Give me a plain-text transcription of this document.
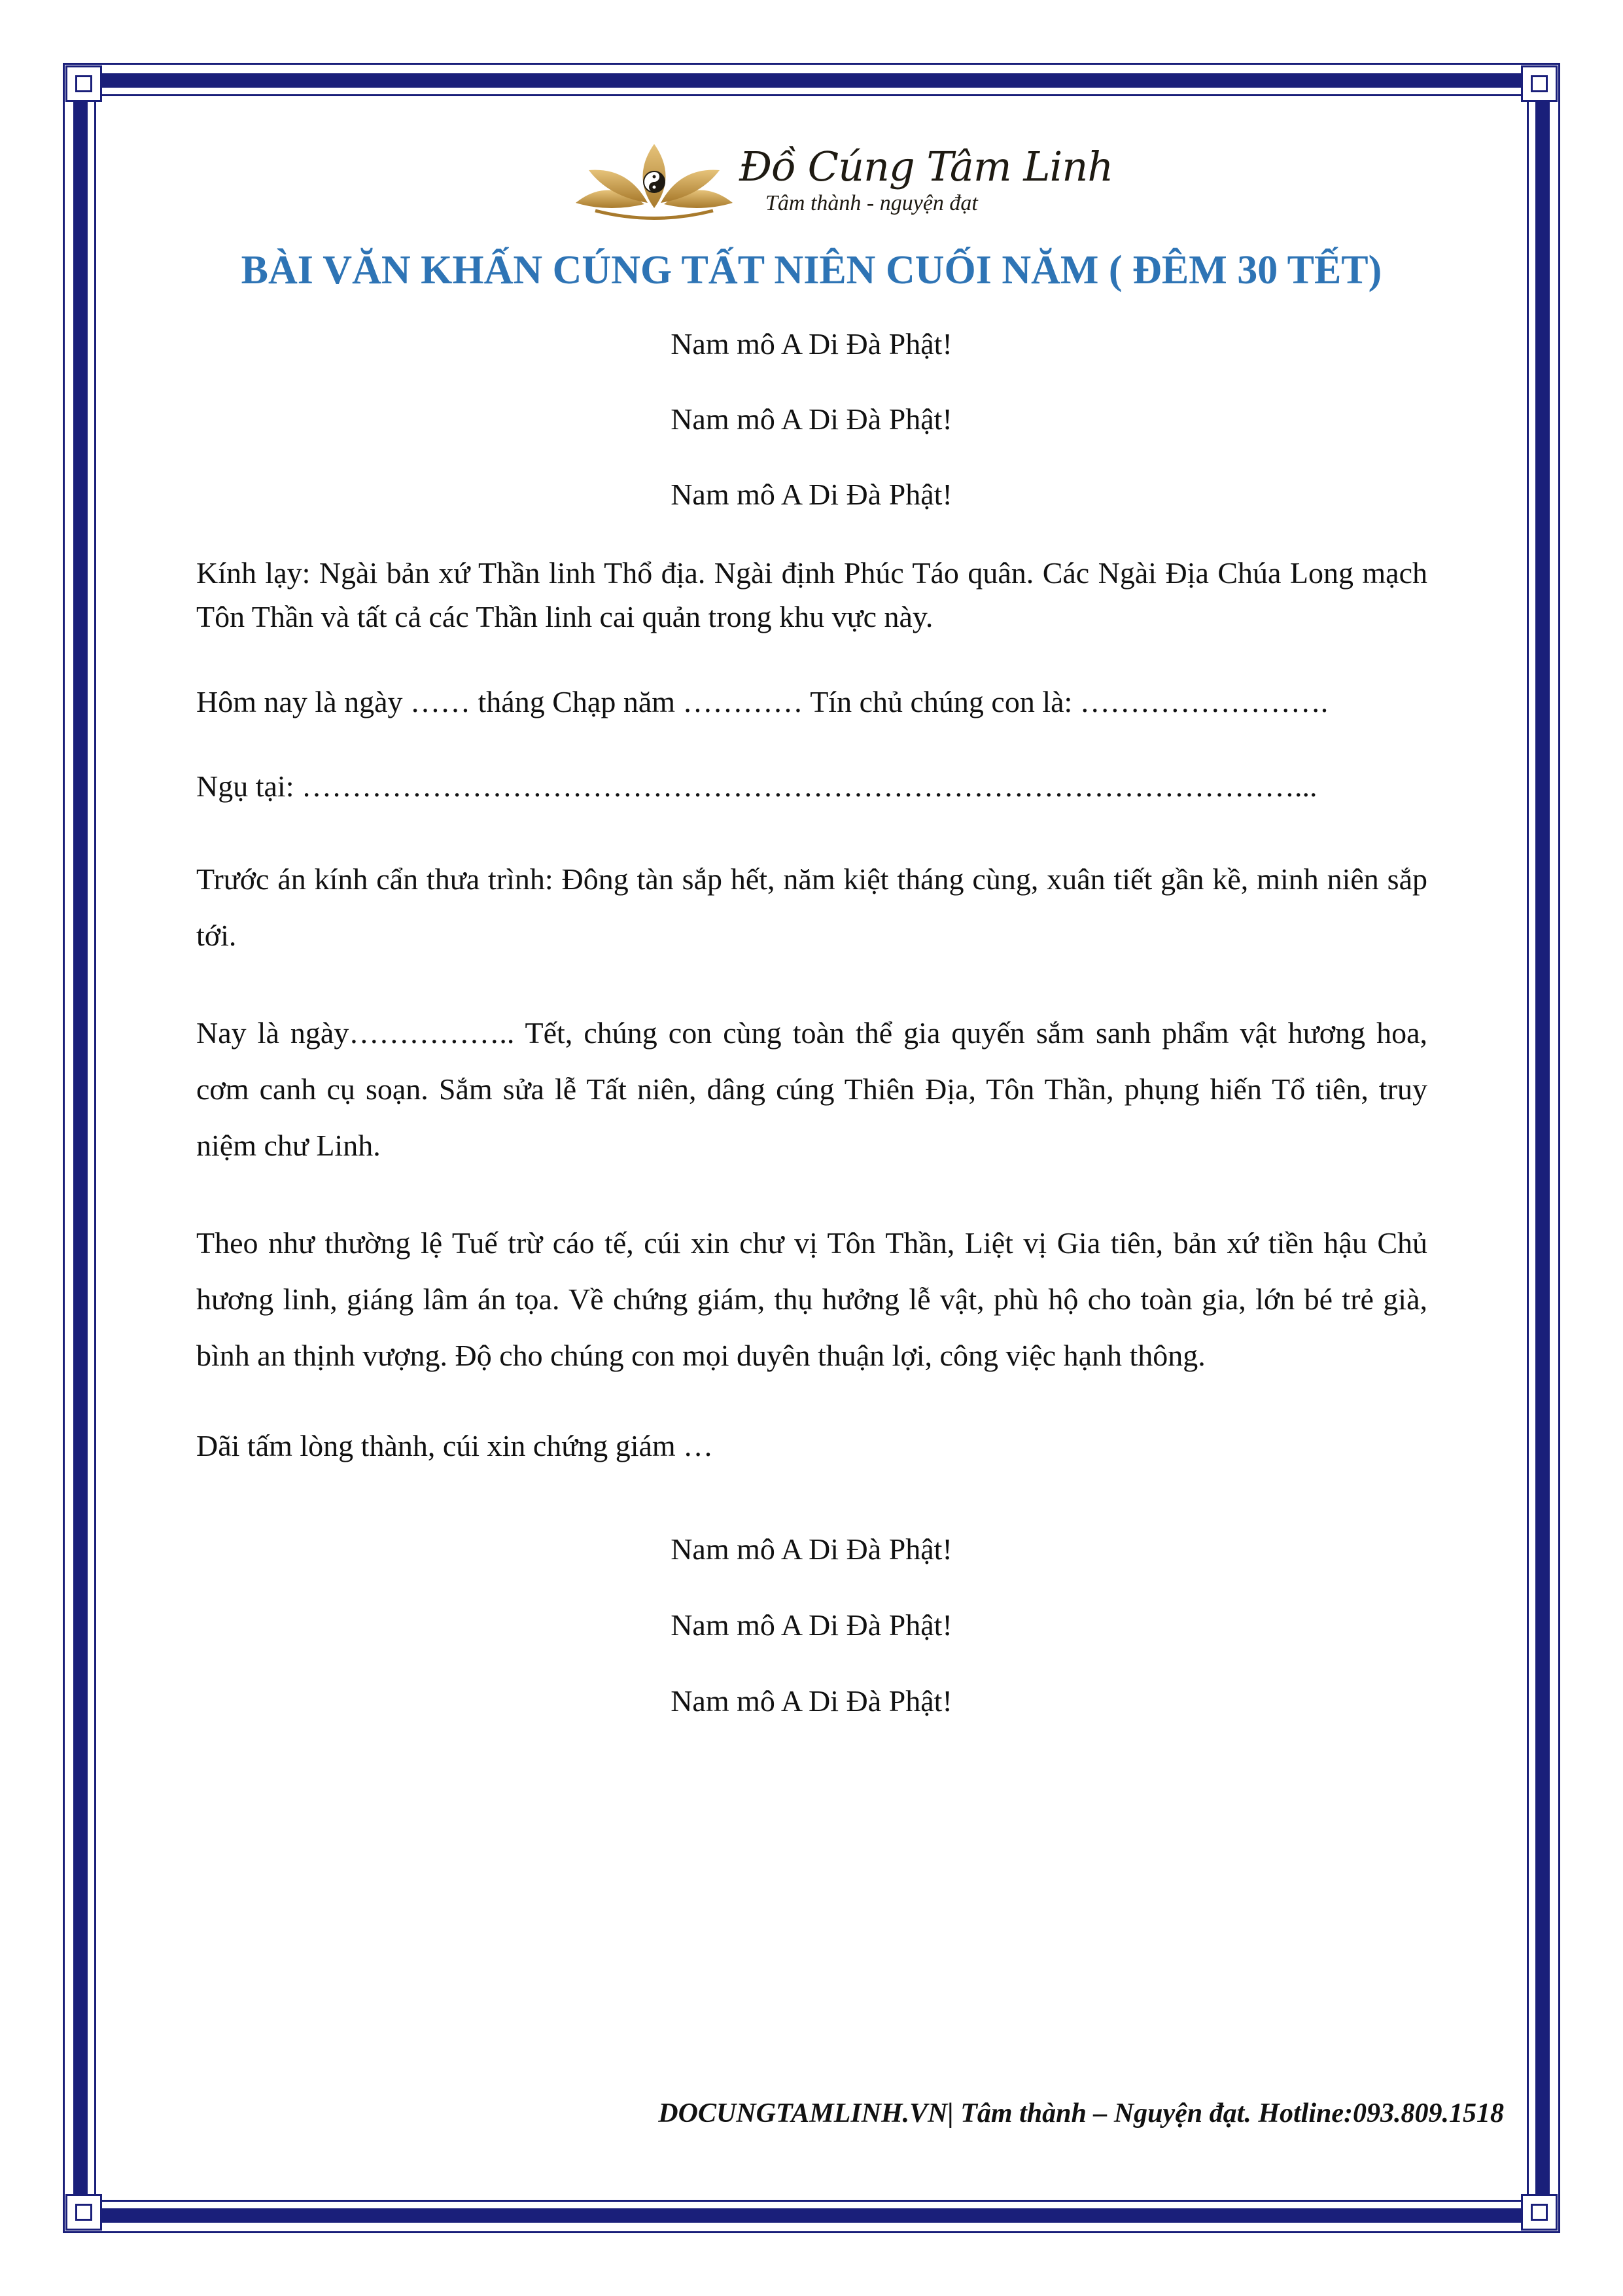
Đồ Cúng Tâm Linh
Tâm thành - nguyện đạt
BÀI VĂN KHẤN CÚNG TẤT NIÊN CUỐI NĂM ( ĐÊM 30 TẾT)

Nam mô A Di Đà Phật!

Nam mô A Di Đà Phật!

Nam mô A Di Đà Phật!

Kính lạy: Ngài bản xứ Thần linh Thổ địa. Ngài định Phúc Táo quân. Các Ngài Địa Chúa Long mạch Tôn Thần và tất cả các Thần linh cai quản trong khu vực này.

Hôm nay là ngày …… tháng Chạp năm ………… Tín chủ chúng con là: …………………….

Ngụ tại: ………………………………………………………………………………………...

Trước án kính cẩn thưa trình: Đông tàn sắp hết, năm kiệt tháng cùng, xuân tiết gần kề, minh niên sắp tới.

Nay là ngày…………….. Tết, chúng con cùng toàn thể gia quyến sắm sanh phẩm vật hương hoa, cơm canh cụ soạn. Sắm sửa lễ Tất niên, dâng cúng Thiên Địa, Tôn Thần, phụng hiến Tổ tiên, truy niệm chư Linh.

Theo như thường lệ Tuế trừ cáo tế, cúi xin chư vị Tôn Thần, Liệt vị Gia tiên, bản xứ tiền hậu Chủ hương linh, giáng lâm án tọa. Về chứng giám, thụ hưởng lễ vật, phù hộ cho toàn gia, lớn bé trẻ già, bình an thịnh vượng. Độ cho chúng con mọi duyên thuận lợi, công việc hạnh thông.

Dãi tấm lòng thành, cúi xin chứng giám …

Nam mô A Di Đà Phật!

Nam mô A Di Đà Phật!

Nam mô A Di Đà Phật!

DOCUNGTAMLINH.VN| Tâm thành – Nguyện đạt. Hotline:093.809.1518
